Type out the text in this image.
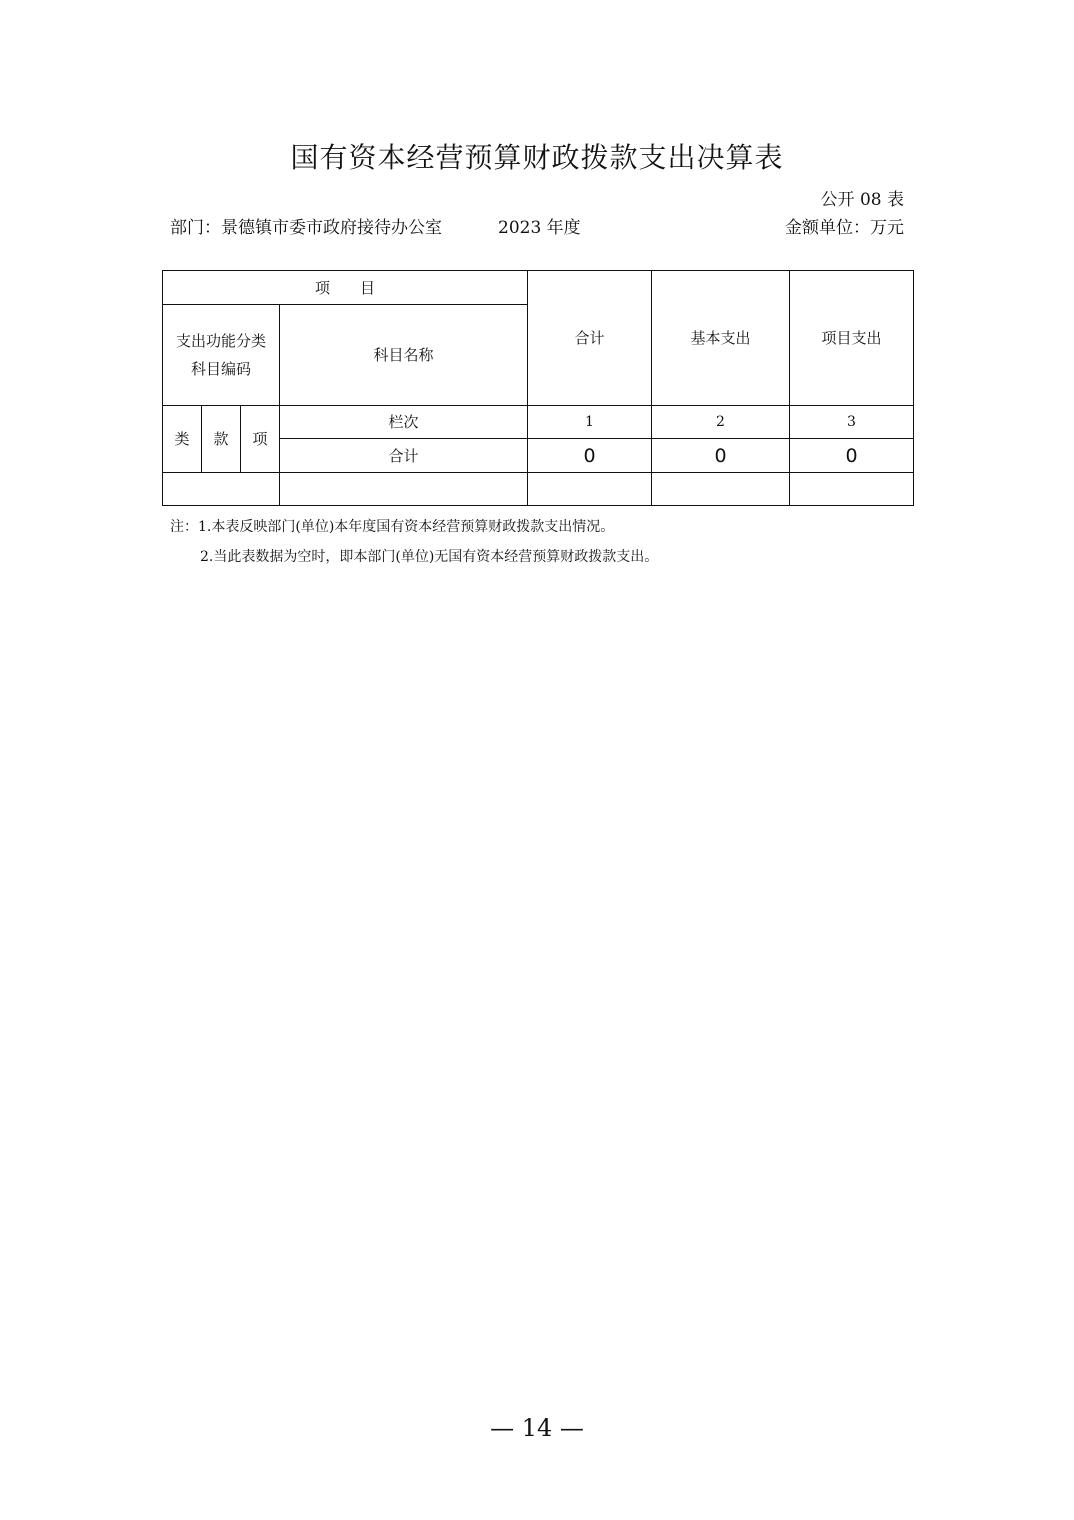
国有资本经营预算财政拨款支出决算表
公开 08 表
部门：景德镇市委市政府接待办公室	2023 年度	金额单位：万元
项　　目				合计	基本支出	项目支出

支出功能分类
科目编码			科目名称			
类	款	项	栏次	1	2	3
			合计	0	0	0

注：1.本表反映部门(单位)本年度国有资本经营预算财政拨款支出情况。
2.当此表数据为空时，即本部门(单位)无国有资本经营预算财政拨款支出。
— 14 —
